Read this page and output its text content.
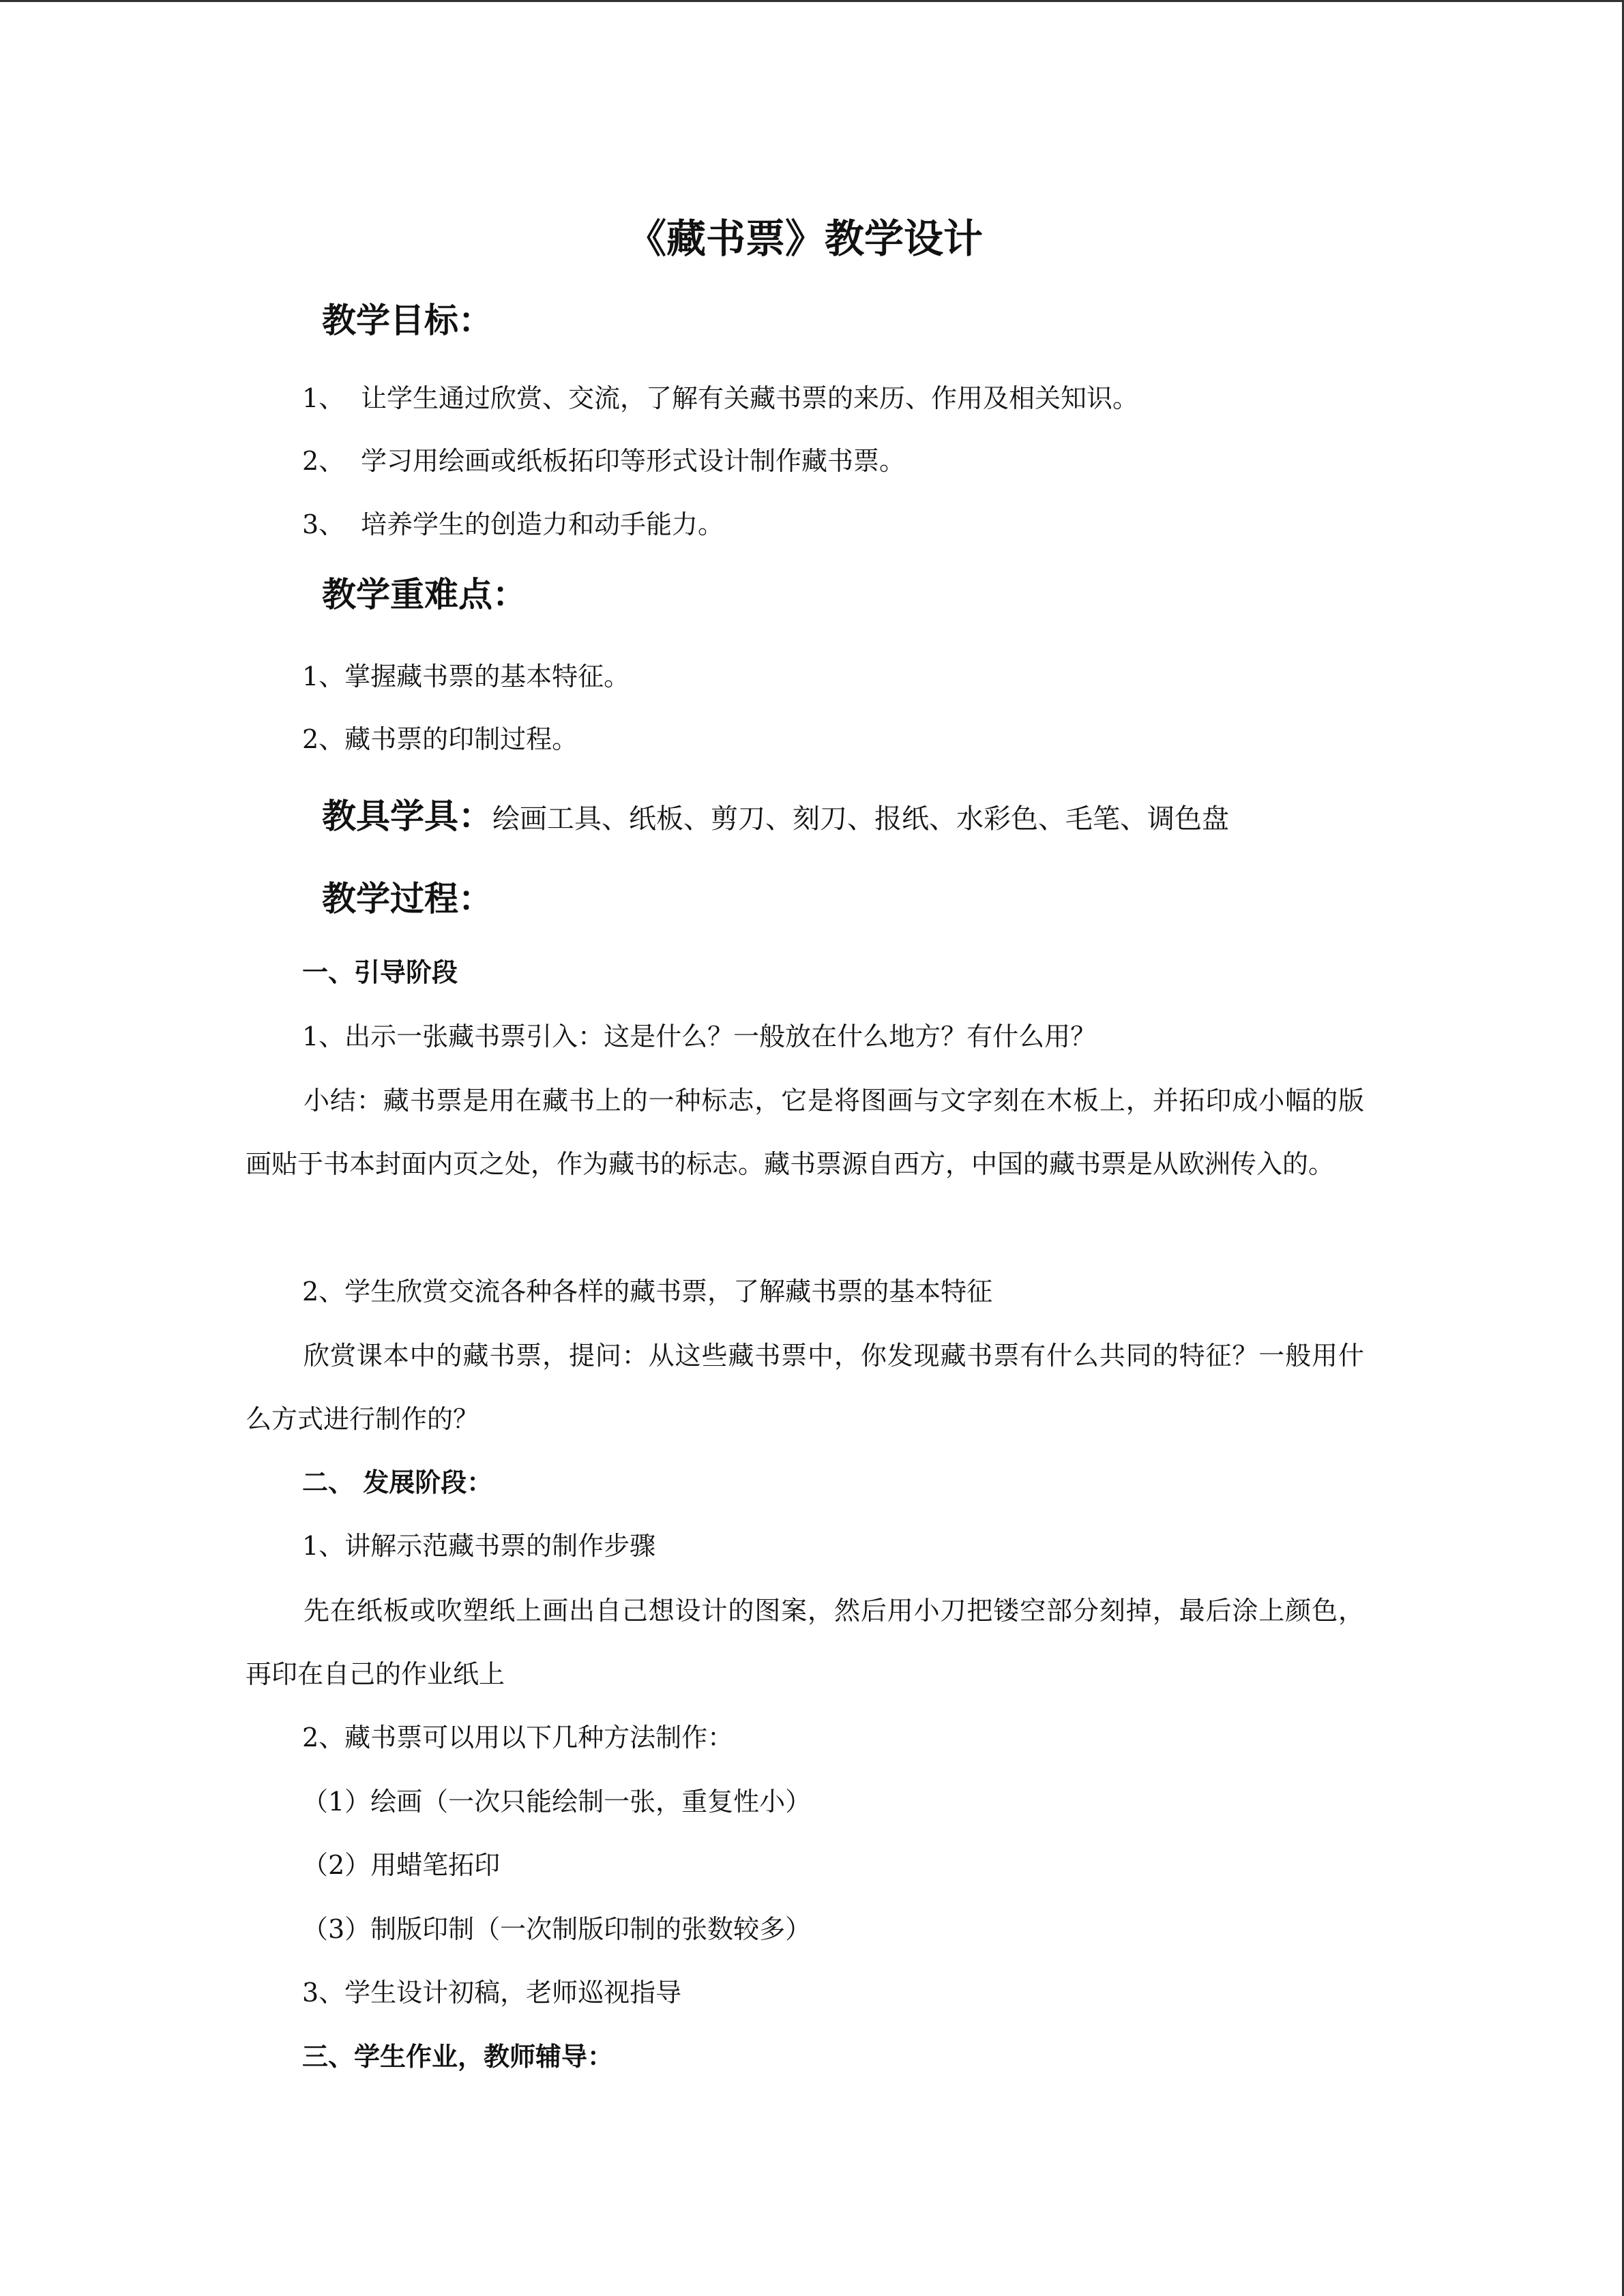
《藏书票》教学设计
教学目标：

1、 让学生通过欣赏、交流，了解有关藏书票的来历、作用及相关知识。

2、 学习用绘画或纸板拓印等形式设计制作藏书票。

3、 培养学生的创造力和动手能力。

教学重难点：

1、掌握藏书票的基本特征。

2、藏书票的印制过程。

教具学具：绘画工具、纸板、剪刀、刻刀、报纸、水彩色、毛笔、调色盘
教学过程：

一、引导阶段

1、出示一张藏书票引入：这是什么？一般放在什么地方？有什么用？

小结：藏书票是用在藏书上的一种标志，它是将图画与文字刻在木板上，并拓印成小幅的版画贴于书本封面内页之处，作为藏书的标志。藏书票源自西方，中国的藏书票是从欧洲传入的。

2、学生欣赏交流各种各样的藏书票，了解藏书票的基本特征

欣赏课本中的藏书票，提问：从这些藏书票中，你发现藏书票有什么共同的特征？一般用什么方式进行制作的？

二、 发展阶段：

1、讲解示范藏书票的制作步骤

先在纸板或吹塑纸上画出自己想设计的图案，然后用小刀把镂空部分刻掉，最后涂上颜色，再印在自己的作业纸上

2、藏书票可以用以下几种方法制作：

（1）绘画（一次只能绘制一张，重复性小）

（2）用蜡笔拓印

（3）制版印制（一次制版印制的张数较多）

3、学生设计初稿，老师巡视指导

三、学生作业，教师辅导：
